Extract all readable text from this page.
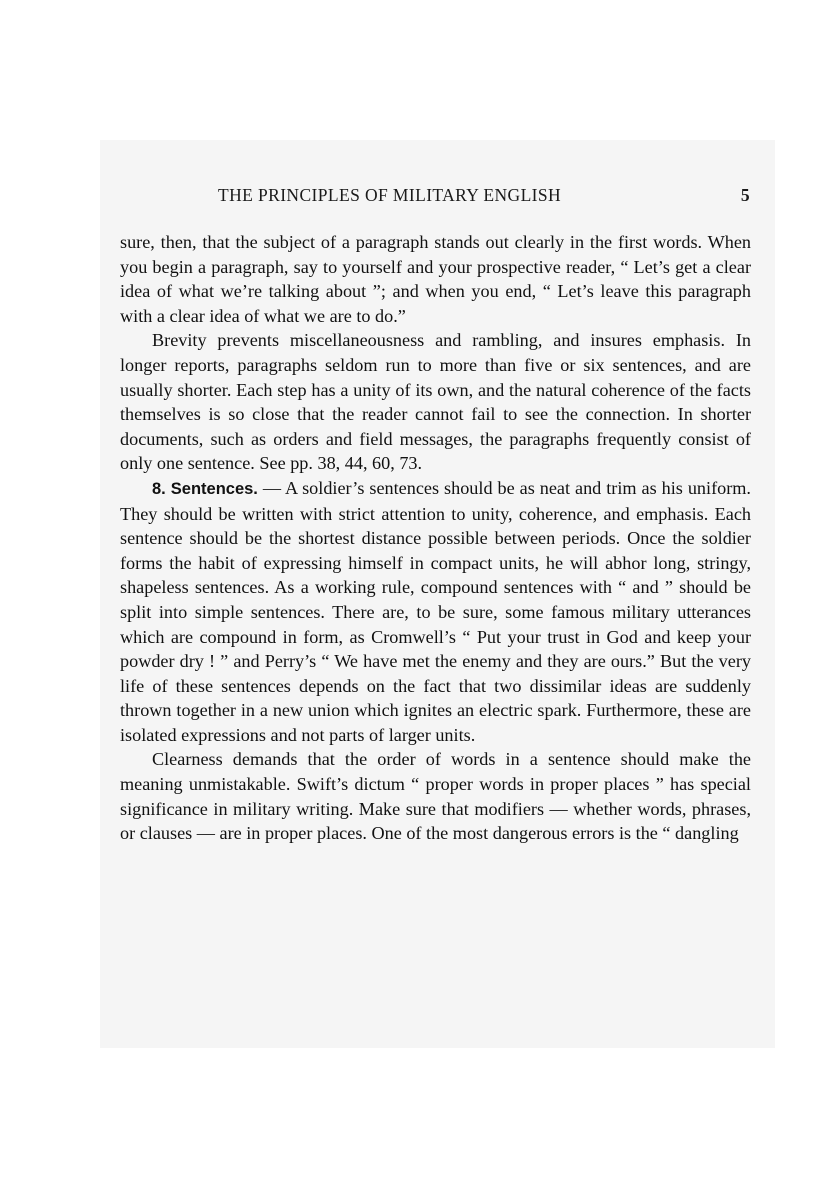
THE PRINCIPLES OF MILITARY ENGLISH	5

sure, then, that the subject of a paragraph stands out clearly in the first words. When you begin a paragraph, say to yourself and your prospective reader, “ Let’s get a clear idea of what we’re talking about ”; and when you end, “ Let’s leave this paragraph with a clear idea of what we are to do.”

Brevity prevents miscellaneousness and rambling, and insures emphasis. In longer reports, paragraphs seldom run to more than five or six sentences, and are usually shorter. Each step has a unity of its own, and the natural coherence of the facts themselves is so close that the reader cannot fail to see the connection. In shorter documents, such as orders and field messages, the paragraphs frequently consist of only one sentence. See pp. 38, 44, 60, 73.

8. Sentences. — A soldier’s sentences should be as neat and trim as his uniform. They should be written with strict attention to unity, coherence, and emphasis. Each sentence should be the shortest distance possible between periods. Once the soldier forms the habit of expressing himself in compact units, he will abhor long, stringy, shapeless sentences. As a working rule, compound sentences with “ and ” should be split into simple sentences. There are, to be sure, some famous military utterances which are compound in form, as Cromwell’s “ Put your trust in God and keep your powder dry ! ” and Perry’s “ We have met the enemy and they are ours.” But the very life of these sentences depends on the fact that two dissimilar ideas are suddenly thrown together in a new union which ignites an electric spark. Furthermore, these are isolated expressions and not parts of larger units.

Clearness demands that the order of words in a sentence should make the meaning unmistakable. Swift’s dictum “ proper words in proper places ” has special significance in military writing. Make sure that modifiers — whether words, phrases, or clauses — are in proper places. One of the most dangerous errors is the “ dangling
